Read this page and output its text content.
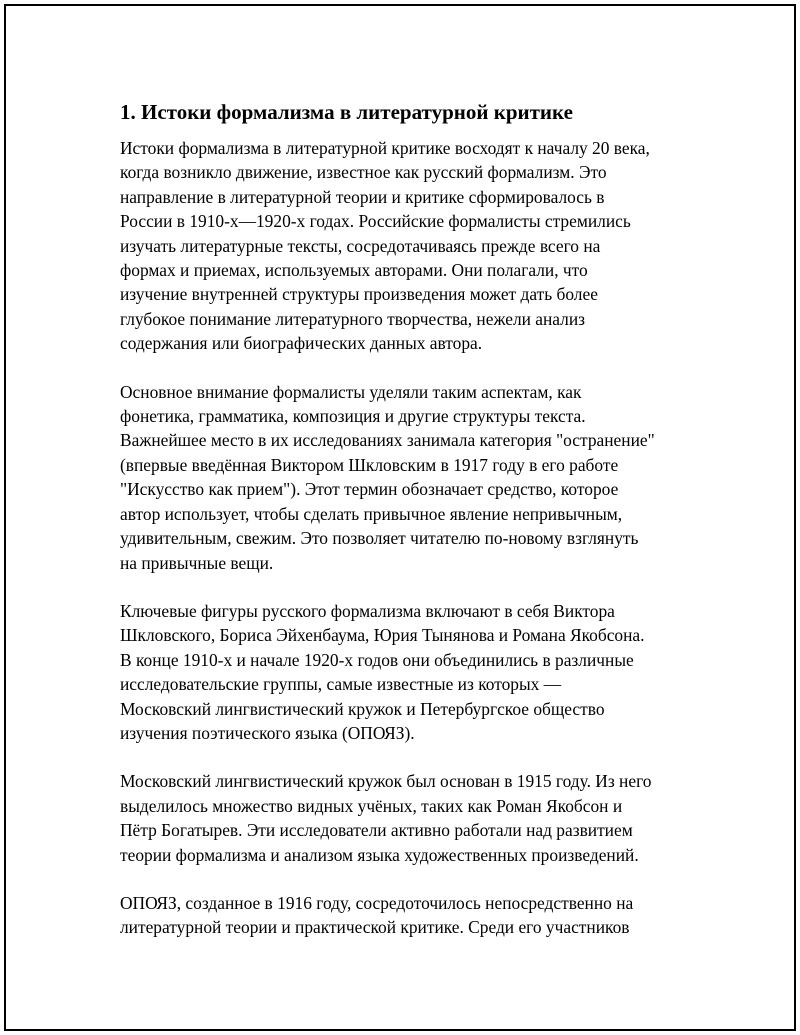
1. Истоки формализма в литературной критике

Истоки формализма в литературной критике восходят к началу 20 века,
когда возникло движение, известное как русский формализм. Это
направление в литературной теории и критике сформировалось в
России в 1910-х—1920-х годах. Российские формалисты стремились
изучать литературные тексты, сосредотачиваясь прежде всего на
формах и приемах, используемых авторами. Они полагали, что
изучение внутренней структуры произведения может дать более
глубокое понимание литературного творчества, нежели анализ
содержания или биографических данных автора.

Основное внимание формалисты уделяли таким аспектам, как
фонетика, грамматика, композиция и другие структуры текста.
Важнейшее место в их исследованиях занимала категория "остранение"
(впервые введённая Виктором Шкловским в 1917 году в его работе
"Искусство как прием"). Этот термин обозначает средство, которое
автор использует, чтобы сделать привычное явление непривычным,
удивительным, свежим. Это позволяет читателю по-новому взглянуть
на привычные вещи.

Ключевые фигуры русского формализма включают в себя Виктора
Шкловского, Бориса Эйхенбаума, Юрия Тынянова и Романа Якобсона.
В конце 1910-х и начале 1920-х годов они объединились в различные
исследовательские группы, самые известные из которых —
Московский лингвистический кружок и Петербургское общество
изучения поэтического языка (ОПОЯЗ).

Московский лингвистический кружок был основан в 1915 году. Из него
выделилось множество видных учёных, таких как Роман Якобсон и
Пётр Богатырев. Эти исследователи активно работали над развитием
теории формализма и анализом языка художественных произведений.

ОПОЯЗ, созданное в 1916 году, сосредоточилось непосредственно на
литературной теории и практической критике. Среди его участников
